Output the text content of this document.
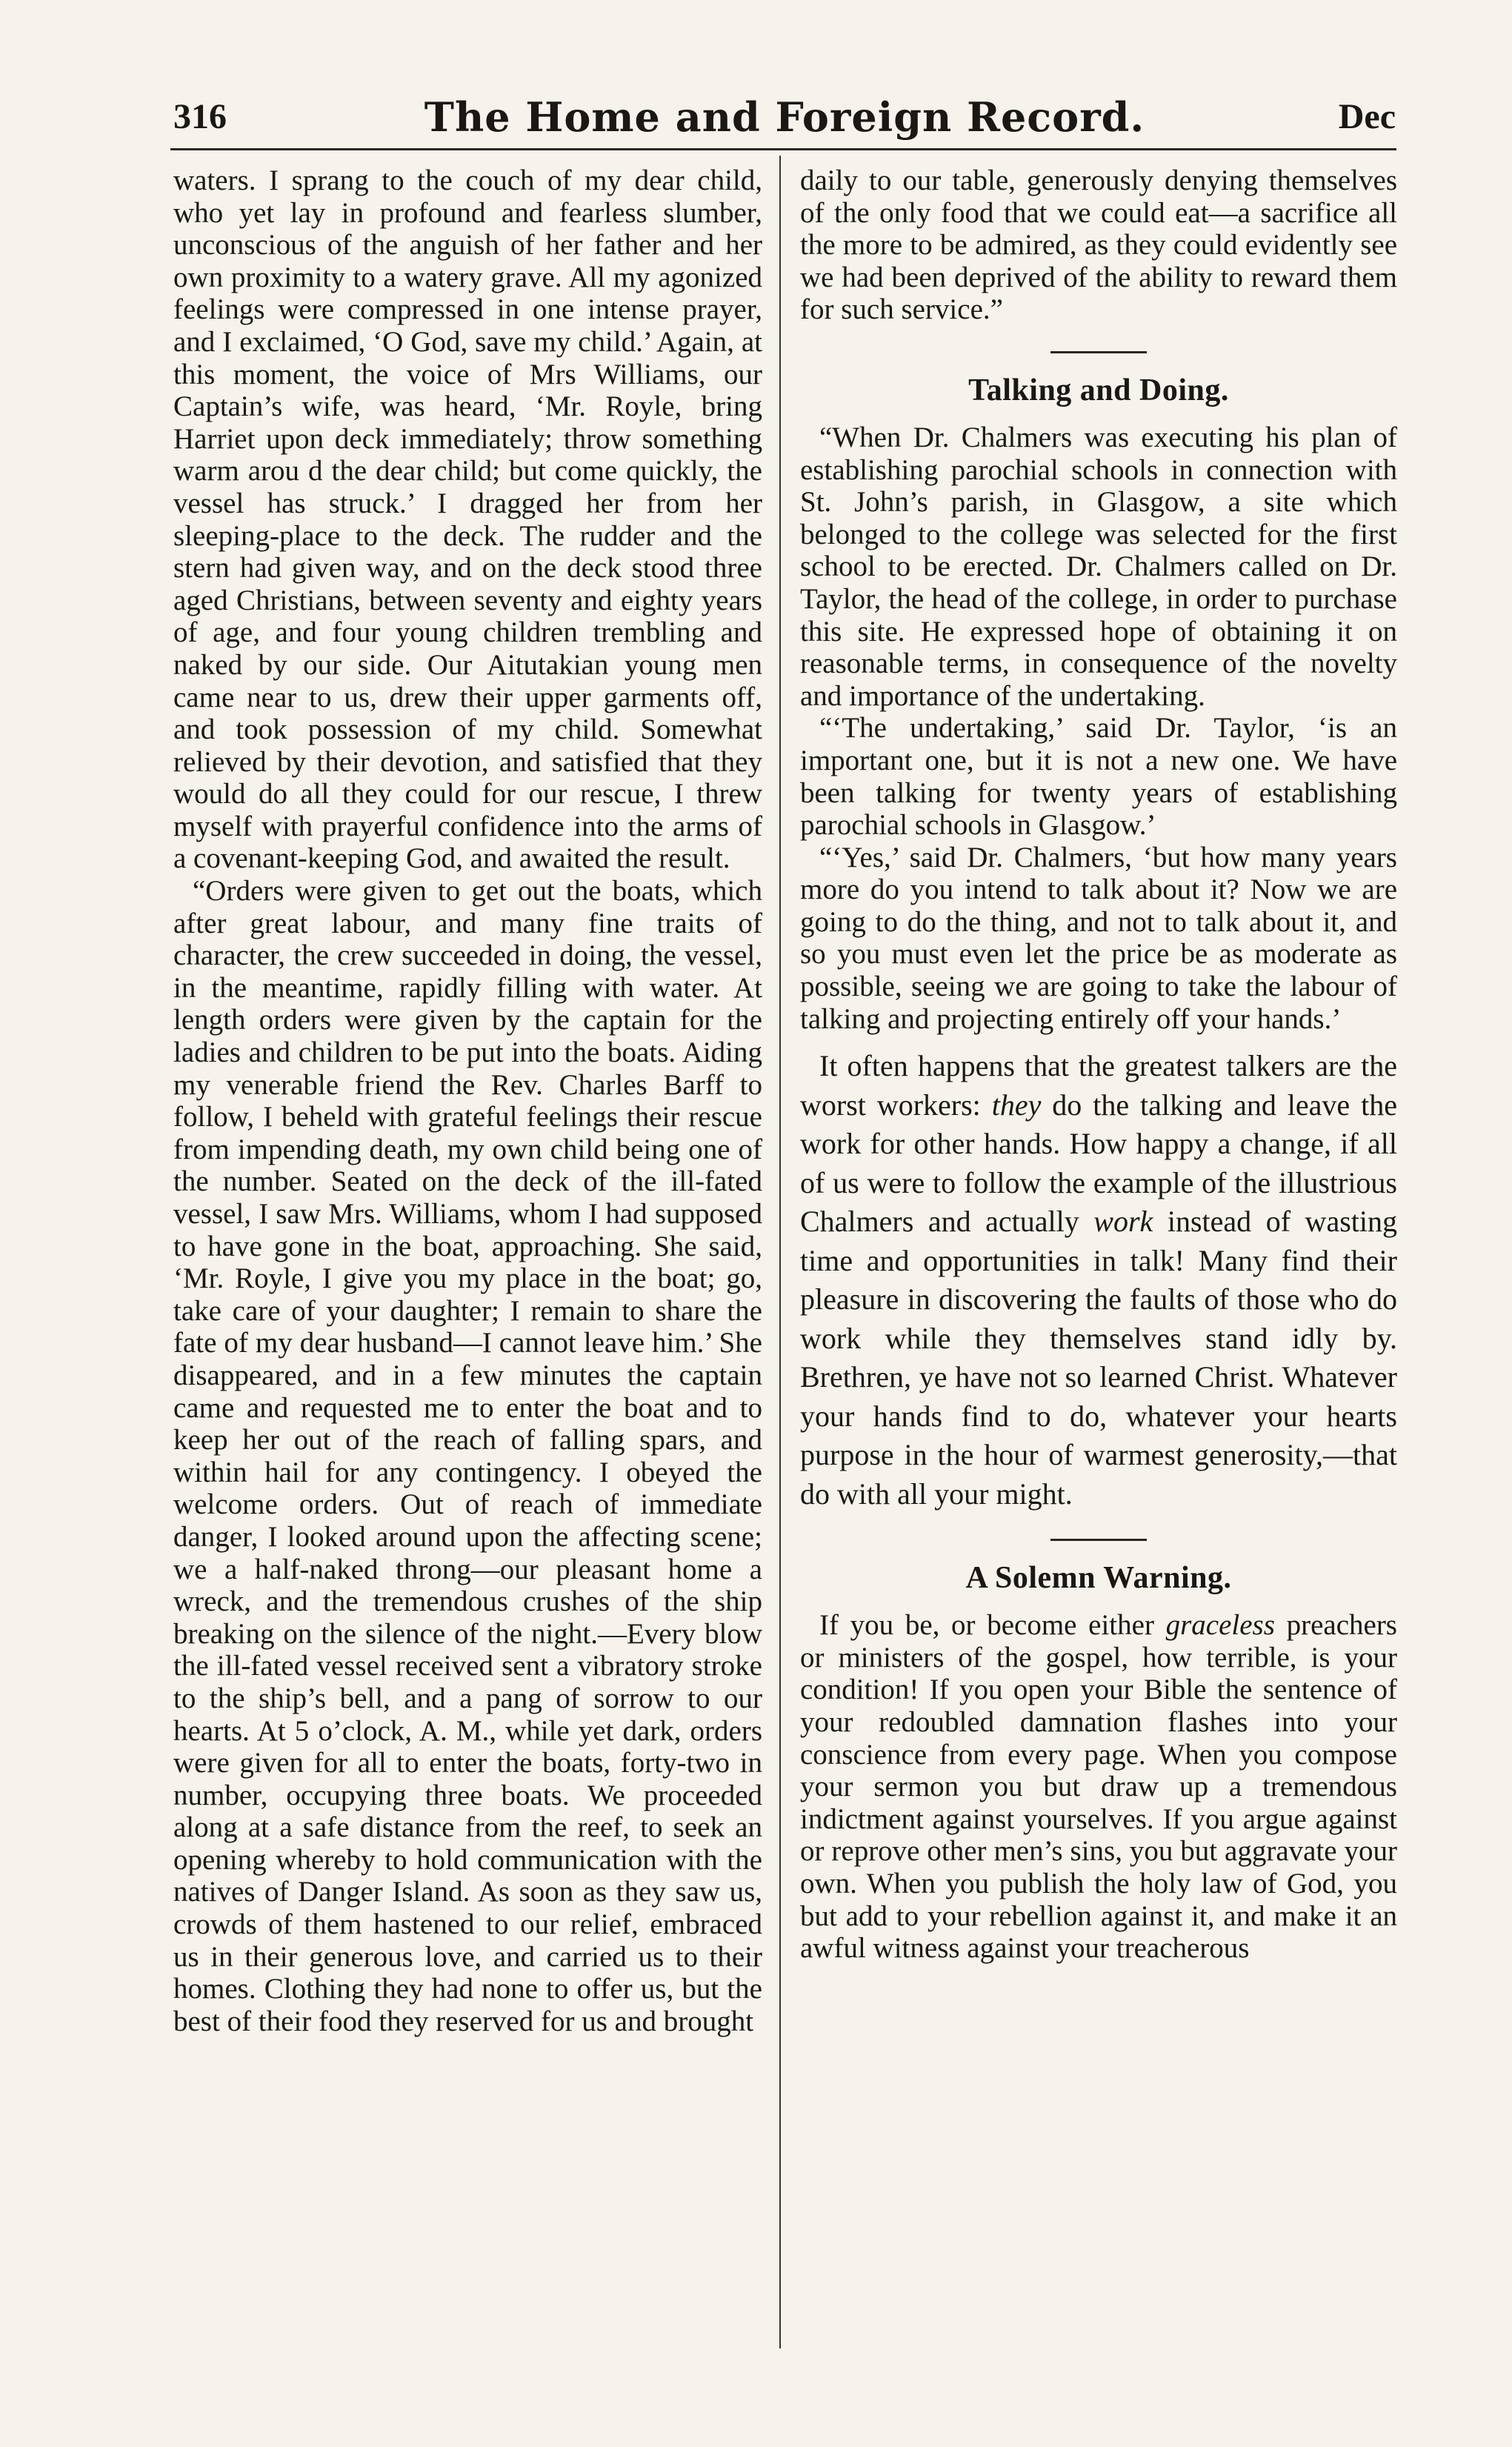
316	The Home and Foreign Record.	Dec

waters. I sprang to the couch of my dear child, who yet lay in profound and fearless slumber, unconscious of the anguish of her father and her own proximity to a watery grave. All my agonized feelings were compressed in one intense prayer, and I exclaimed, ‘O God, save my child.’ Again, at this moment, the voice of Mrs Williams, our Captain’s wife, was heard, ‘Mr. Royle, bring Harriet upon deck immediately; throw something warm arou d the dear child; but come quickly, the vessel has struck.’ I dragged her from her sleeping-place to the deck. The rudder and the stern had given way, and on the deck stood three aged Christians, between seventy and eighty years of age, and four young children trembling and naked by our side. Our Aitutakian young men came near to us, drew their upper garments off, and took possession of my child. Somewhat relieved by their devotion, and satisfied that they would do all they could for our rescue, I threw myself with prayerful confidence into the arms of a covenant-keeping God, and awaited the result.

“Orders were given to get out the boats, which after great labour, and many fine traits of character, the crew succeeded in doing, the vessel, in the meantime, rapidly filling with water. At length orders were given by the captain for the ladies and children to be put into the boats. Aiding my venerable friend the Rev. Charles Barff to follow, I beheld with grateful feelings their rescue from impending death, my own child being one of the number. Seated on the deck of the ill-fated vessel, I saw Mrs. Williams, whom I had supposed to have gone in the boat, approaching. She said, ‘Mr. Royle, I give you my place in the boat; go, take care of your daughter; I remain to share the fate of my dear husband—I cannot leave him.’ She disappeared, and in a few minutes the captain came and requested me to enter the boat and to keep her out of the reach of falling spars, and within hail for any contingency. I obeyed the welcome orders. Out of reach of immediate danger, I looked around upon the affecting scene; we a half-naked throng—our pleasant home a wreck, and the tremendous crushes of the ship breaking on the silence of the night.—Every blow the ill-fated vessel received sent a vibratory stroke to the ship’s bell, and a pang of sorrow to our hearts. At 5 o’clock, A. M., while yet dark, orders were given for all to enter the boats, forty-two in number, occupying three boats. We proceeded along at a safe distance from the reef, to seek an opening whereby to hold communication with the natives of Danger Island. As soon as they saw us, crowds of them hastened to our relief, embraced us in their generous love, and carried us to their homes. Clothing they had none to offer us, but the best of their food they reserved for us and brought

daily to our table, generously denying themselves of the only food that we could eat—a sacrifice all the more to be admired, as they could evidently see we had been deprived of the ability to reward them for such service.”

Talking and Doing.

“When Dr. Chalmers was executing his plan of establishing parochial schools in connection with St. John’s parish, in Glasgow, a site which belonged to the college was selected for the first school to be erected. Dr. Chalmers called on Dr. Taylor, the head of the college, in order to purchase this site. He expressed hope of obtaining it on reasonable terms, in consequence of the novelty and importance of the undertaking.

“‘The undertaking,’ said Dr. Taylor, ‘is an important one, but it is not a new one. We have been talking for twenty years of establishing parochial schools in Glasgow.’

“‘Yes,’ said Dr. Chalmers, ‘but how many years more do you intend to talk about it? Now we are going to do the thing, and not to talk about it, and so you must even let the price be as moderate as possible, seeing we are going to take the labour of talking and projecting entirely off your hands.’

It often happens that the greatest talkers are the worst workers: they do the talking and leave the work for other hands. How happy a change, if all of us were to follow the example of the illustrious Chalmers and actually work instead of wasting time and opportunities in talk! Many find their pleasure in discovering the faults of those who do work while they themselves stand idly by. Brethren, ye have not so learned Christ. Whatever your hands find to do, whatever your hearts purpose in the hour of warmest generosity,—that do with all your might.

A Solemn Warning.

If you be, or become either graceless preachers or ministers of the gospel, how terrible, is your condition! If you open your Bible the sentence of your redoubled damnation flashes into your conscience from every page. When you compose your sermon you but draw up a tremendous indictment against yourselves. If you argue against or reprove other men’s sins, you but aggravate your own. When you publish the holy law of God, you but add to your rebellion against it, and make it an awful witness against your treacherous
